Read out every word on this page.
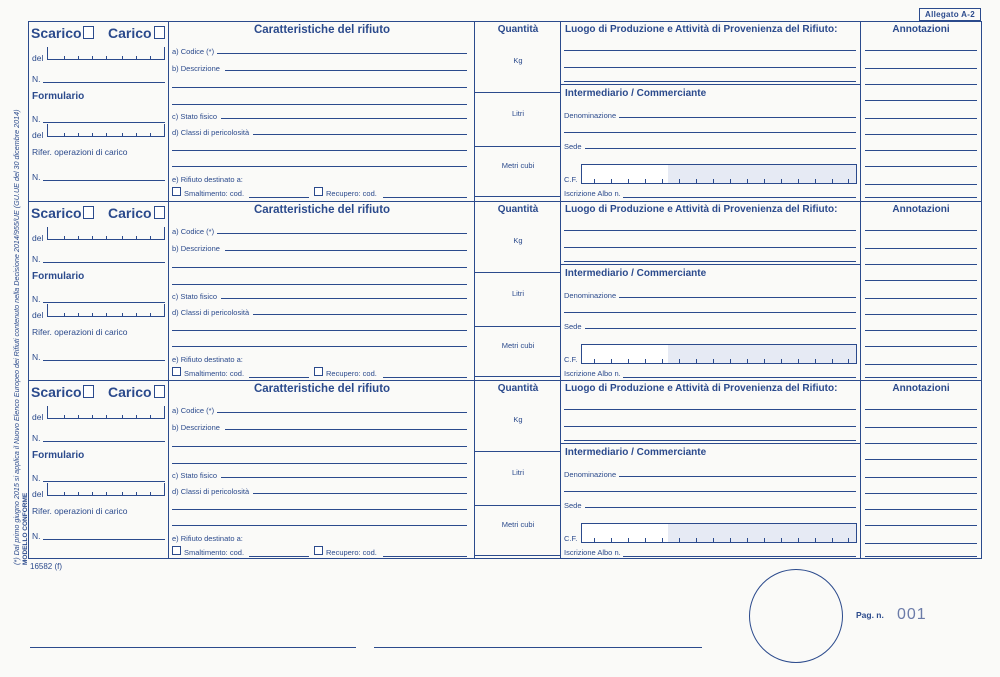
Allegato A-2
(*) Dal primo giugno 2015 si applica il Nuovo Elenco Europeo dei Rifiuti contenuto nella Decisione 2014/955/UE (GU.UE del 30 dicembre 2014) MODELLO CONFORME
16582 (f)
Scarico Carico
del
N.
Formulario
N.
del
Rifer. operazioni di carico
N.
Caratteristiche del rifiuto
a) Codice (*)
b) Descrizione
c) Stato fisico
d) Classi di pericolosità
e) Rifiuto destinato a:
Smaltimento: cod.	Recupero: cod.
Quantità
Kg
Litri
Metri cubi
Luogo di Produzione e Attività di Provenienza del Rifiuto:
Intermediario / Commerciante
Denominazione
Sede
C.F.
Iscrizione Albo n.
Annotazioni
Scarico Carico
del
N.
Formulario
N.
del
Rifer. operazioni di carico
N.
Caratteristiche del rifiuto
a) Codice (*)
b) Descrizione
c) Stato fisico
d) Classi di pericolosità
e) Rifiuto destinato a:
Smaltimento: cod.	Recupero: cod.
Quantità
Kg
Litri
Metri cubi
Luogo di Produzione e Attività di Provenienza del Rifiuto:
Intermediario / Commerciante
Denominazione
Sede
C.F.
Iscrizione Albo n.
Annotazioni
Scarico Carico
del
N.
Formulario
N.
del
Rifer. operazioni di carico
N.
Caratteristiche del rifiuto
a) Codice (*)
b) Descrizione
c) Stato fisico
d) Classi di pericolosità
e) Rifiuto destinato a:
Smaltimento: cod.	Recupero: cod.
Quantità
Kg
Litri
Metri cubi
Luogo di Produzione e Attività di Provenienza del Rifiuto:
Intermediario / Commerciante
Denominazione
Sede
C.F.
Iscrizione Albo n.
Annotazioni
Pag. n. 001
